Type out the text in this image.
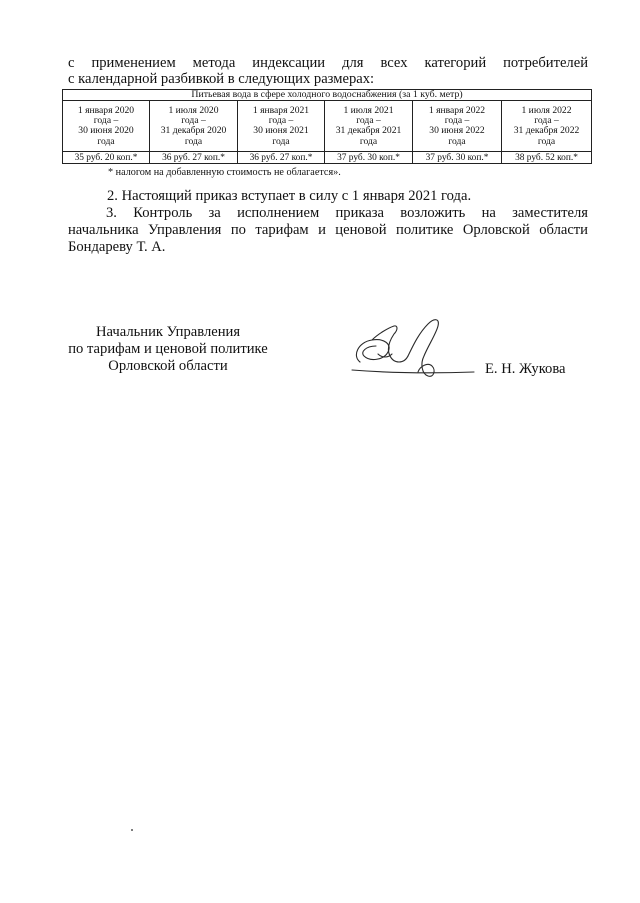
с применением метода индексации для всех категорий потребителей

с календарной разбивкой в следующих размерах:

Питьевая вода в сфере холодного водоснабжения (за 1 куб. метр)					
1 января 2020
года –
30 июня 2020
года	1 июля 2020
года –
31 декабря 2020
года	1 января 2021
года –
30 июня 2021
года	1 июля 2021
года –
31 декабря 2021
года	1 января 2022
года –
30 июня 2022
года	1 июля 2022
года –
31 декабря 2022
года
35 руб. 20 коп.*	36 руб. 27 коп.*	36 руб. 27 коп.*	37 руб. 30 коп.*	37 руб. 30 коп.*	38 руб. 52 коп.*

* налогом на добавленную стоимость не облагается».

2. Настоящий приказ вступает в силу с 1 января 2021 года.

3. Контроль за исполнением приказа возложить на заместителя
начальника Управления по тарифам и ценовой политике Орловской области
Бондареву Т. А.

Начальник Управления
по тарифам и ценовой политике
Орловской области	Е. Н. Жукова
